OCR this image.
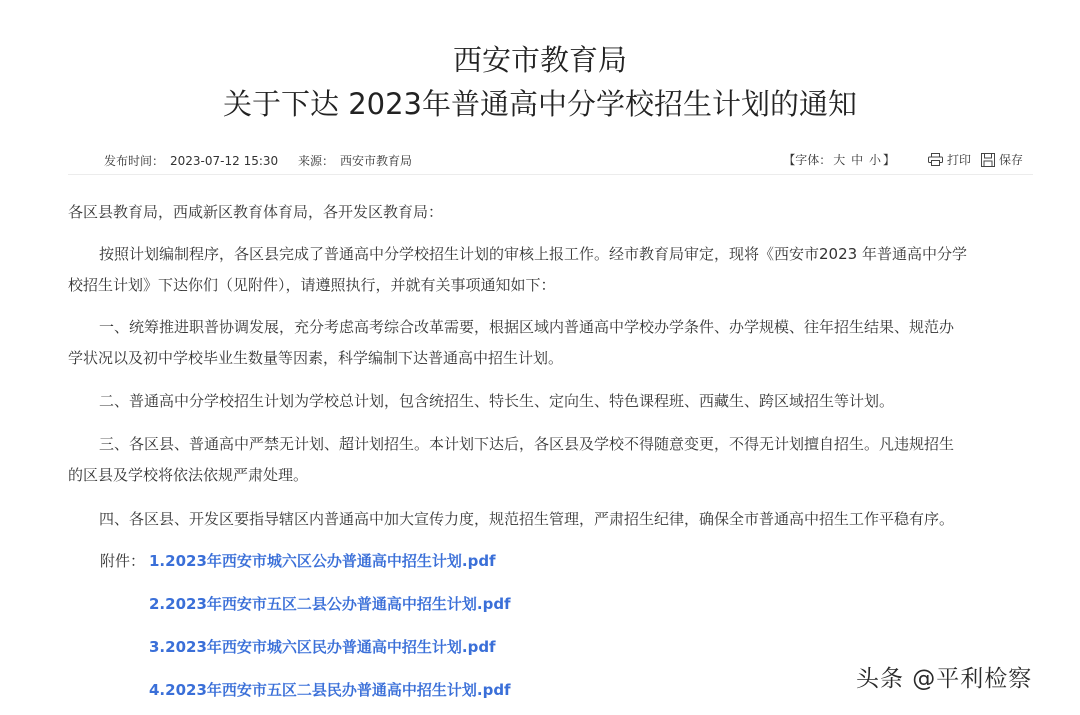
西安市教育局
关于下达 2023年普通高中分学校招生计划的通知
发布时间： 2023-07-12 15:30 来源： 西安市教育局	【字体： 大 中 小 】	打印 保存

各区县教育局，西咸新区教育体育局，各开发区教育局：

按照计划编制程序，各区县完成了普通高中分学校招生计划的审核上报工作。经市教育局审定，现将《西安市2023 年普通高中分学

校招生计划》下达你们（见附件），请遵照执行，并就有关事项通知如下：

一、统筹推进职普协调发展，充分考虑高考综合改革需要，根据区域内普通高中学校办学条件、办学规模、往年招生结果、规范办

学状况以及初中学校毕业生数量等因素，科学编制下达普通高中招生计划。

二、普通高中分学校招生计划为学校总计划，包含统招生、特长生、定向生、特色课程班、西藏生、跨区域招生等计划。

三、各区县、普通高中严禁无计划、超计划招生。本计划下达后，各区县及学校不得随意变更，不得无计划擅自招生。凡违规招生

的区县及学校将依法依规严肃处理。

四、各区县、开发区要指导辖区内普通高中加大宣传力度，规范招生管理，严肃招生纪律，确保全市普通高中招生工作平稳有序。

附件： 1.2023年西安市城六区公办普通高中招生计划.pdf
2.2023年西安市五区二县公办普通高中招生计划.pdf
3.2023年西安市城六区民办普通高中招生计划.pdf
4.2023年西安市五区二县民办普通高中招生计划.pdf	头条 @平利检察
